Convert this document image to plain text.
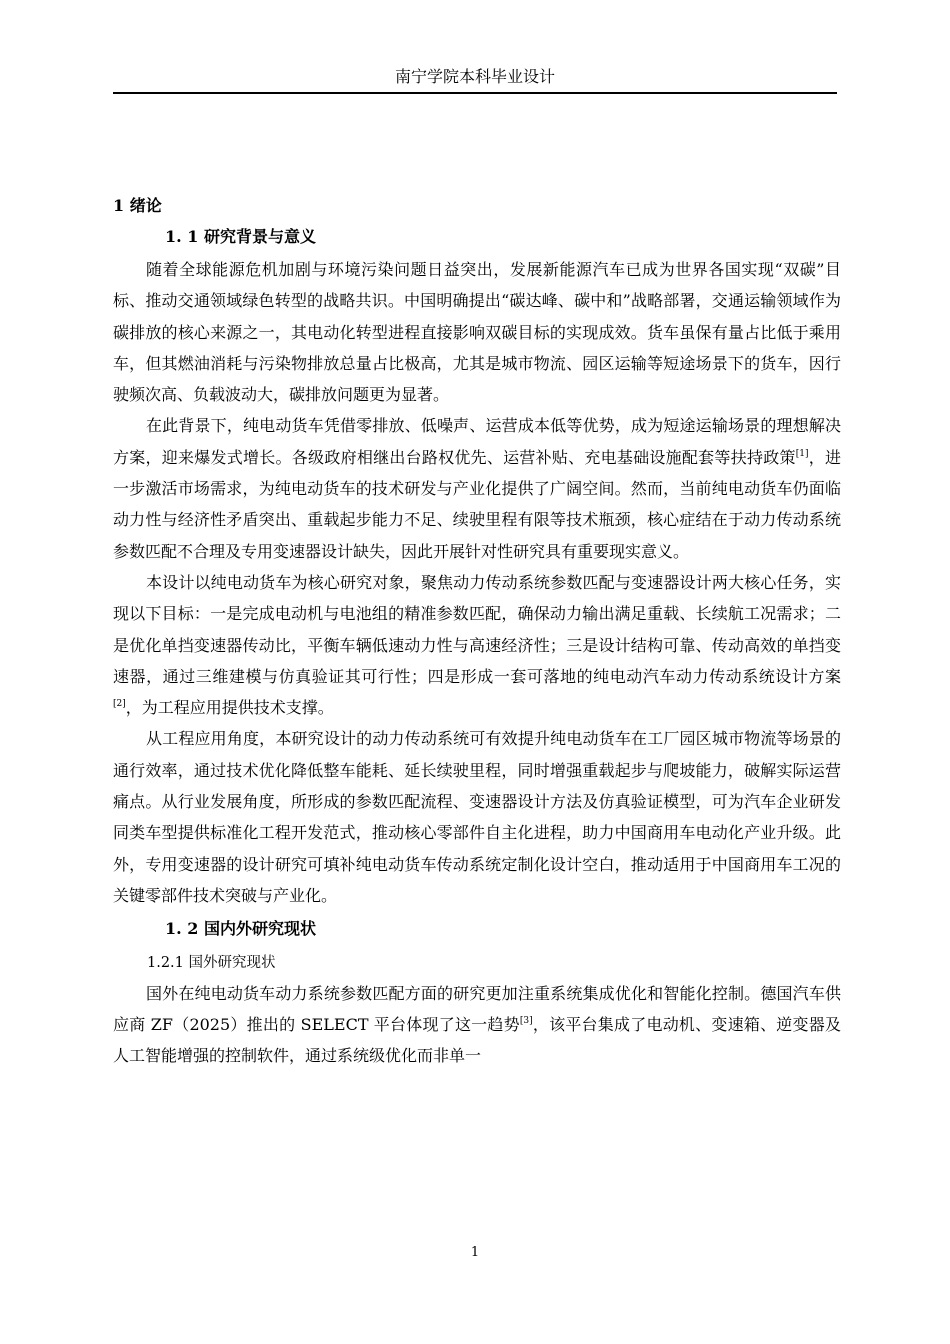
南宁学院本科毕业设计
1 绪论
1. 1 研究背景与意义

随着全球能源危机加剧与环境污染问题日益突出，发展新能源汽车已成为世界各国实现“双碳”目标、推动交通领域绿色转型的战略共识。中国明确提出“碳达峰、碳中和”战略部署，交通运输领域作为碳排放的核心来源之一，其电动化转型进程直接影响双碳目标的实现成效。货车虽保有量占比低于乘用车，但其燃油消耗与污染物排放总量占比极高，尤其是城市物流、园区运输等短途场景下的货车，因行驶频次高、负载波动大，碳排放问题更为显著。

在此背景下，纯电动货车凭借零排放、低噪声、运营成本低等优势，成为短途运输场景的理想解决方案，迎来爆发式增长。各级政府相继出台路权优先、运营补贴、充电基础设施配套等扶持政策[1]，进一步激活市场需求，为纯电动货车的技术研发与产业化提供了广阔空间。然而，当前纯电动货车仍面临动力性与经济性矛盾突出、重载起步能力不足、续驶里程有限等技术瓶颈，核心症结在于动力传动系统参数匹配不合理及专用变速器设计缺失，因此开展针对性研究具有重要现实意义。

本设计以纯电动货车为核心研究对象，聚焦动力传动系统参数匹配与变速器设计两大核心任务，实现以下目标：一是完成电动机与电池组的精准参数匹配，确保动力输出满足重载、长续航工况需求；二是优化单挡变速器传动比，平衡车辆低速动力性与高速经济性；三是设计结构可靠、传动高效的单挡变速器，通过三维建模与仿真验证其可行性；四是形成一套可落地的纯电动汽车动力传动系统设计方案[2]，为工程应用提供技术支撑。

从工程应用角度，本研究设计的动力传动系统可有效提升纯电动货车在工厂园区城市物流等场景的通行效率，通过技术优化降低整车能耗、延长续驶里程，同时增强重载起步与爬坡能力，破解实际运营痛点。从行业发展角度，所形成的参数匹配流程、变速器设计方法及仿真验证模型，可为汽车企业研发同类车型提供标准化工程开发范式，推动核心零部件自主化进程，助力中国商用车电动化产业升级。此外，专用变速器的设计研究可填补纯电动货车传动系统定制化设计空白，推动适用于中国商用车工况的关键零部件技术突破与产业化。

1. 2 国内外研究现状
1.2.1 国外研究现状

国外在纯电动货车动力系统参数匹配方面的研究更加注重系统集成优化和智能化控制。德国汽车供应商 ZF（2025）推出的 SELECT 平台体现了这一趋势[3]，该平台集成了电动机、变速箱、逆变器及人工智能增强的控制软件，通过系统级优化而非单一

1
